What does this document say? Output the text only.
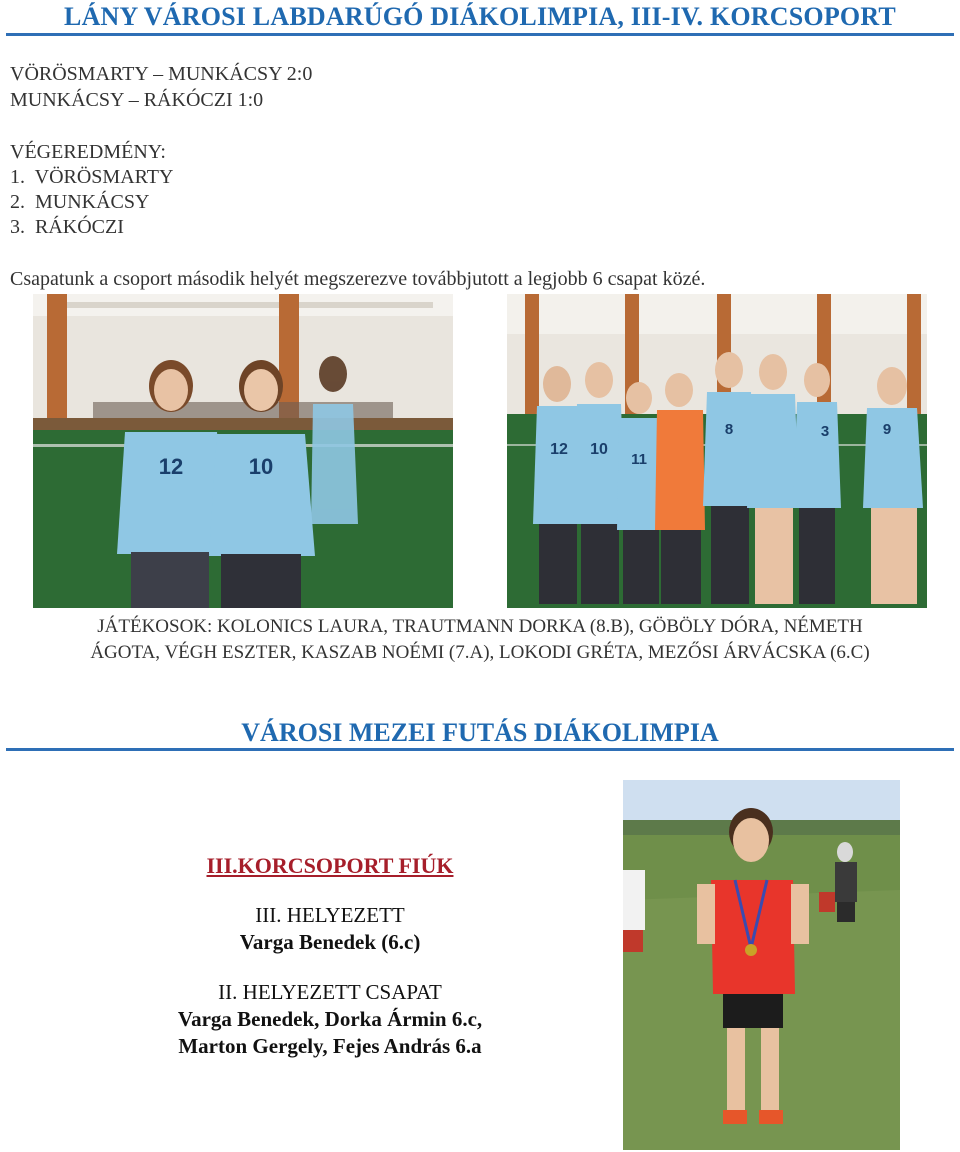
LÁNY VÁROSI LABDARÚGÓ DIÁKOLIMPIA, III-IV. KORCSOPORT
VÖRÖSMARTY – MUNKÁCSY 2:0
MUNKÁCSY – RÁKÓCZI 1:0
VÉGEREDMÉNY:
1.  VÖRÖSMARTY
2.  MUNKÁCSY
3.  RÁKÓCZI
Csapatunk a csoport második helyét megszerezve továbbjutott a legjobb 6 csapat közé.
12	10
12 10
11
8	3	9
JÁTÉKOSOK: KOLONICS LAURA, TRAUTMANN DORKA (8.B), GÖBÖLY DÓRA, NÉMETH
ÁGOTA, VÉGH ESZTER, KASZAB NOÉMI (7.A), LOKODI GRÉTA, MEZŐSI ÁRVÁCSKA (6.C)
VÁROSI MEZEI FUTÁS DIÁKOLIMPIA
III.KORCSOPORT FIÚK
III. HELYEZETT
Varga Benedek (6.c)
II. HELYEZETT CSAPAT
Varga Benedek, Dorka Ármin 6.c,
Marton Gergely, Fejes András 6.a
